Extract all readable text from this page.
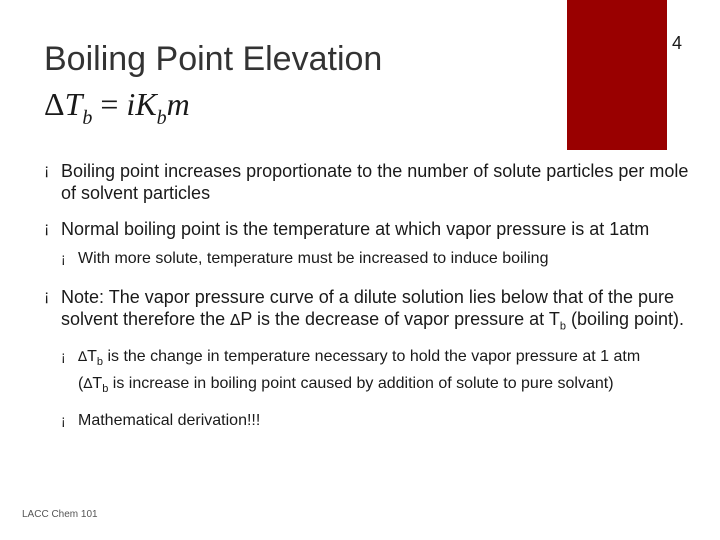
4
Boiling Point Elevation
$\Delta T_b = iK_bm$
¡ Boiling point increases proportionate to the number of solute particles per mole of solvent particles
¡ Normal boiling point is the temperature at which vapor pressure is at 1atm
¡ With more solute, temperature must be increased to induce boiling
¡ Note: The vapor pressure curve of a dilute solution lies below that of the pure solvent therefore the ∆P is the decrease of vapor pressure at $T_b$ (boiling point).
¡ $\Delta T_b$ is the change in temperature necessary to hold the vapor pressure at 1 atm ($\Delta T_b$ is increase in boiling point caused by addition of solute to pure solvant)
¡ Mathematical derivation!!!
LACC Chem 101
